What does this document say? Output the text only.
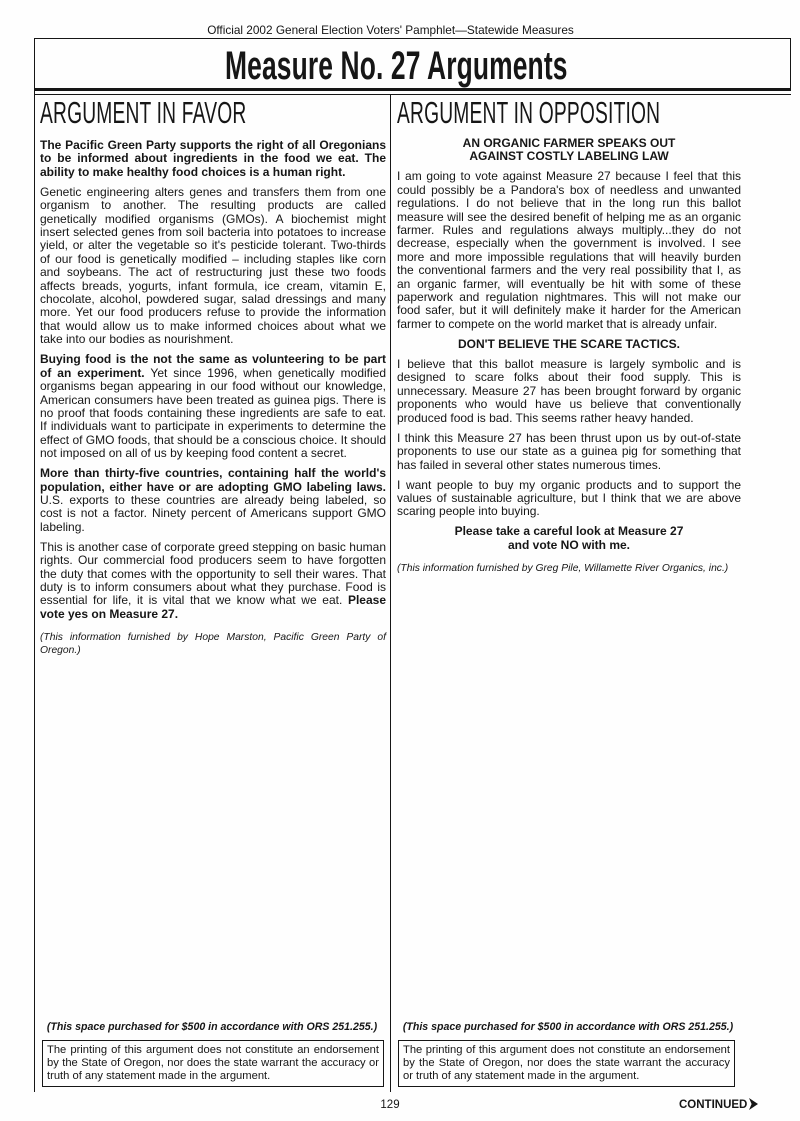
Official 2002 General Election Voters' Pamphlet—Statewide Measures
Measure No. 27 Arguments
ARGUMENT IN FAVOR

The Pacific Green Party supports the right of all Oregonians to be informed about ingredients in the food we eat. The ability to make healthy food choices is a human right.

Genetic engineering alters genes and transfers them from one organism to another. The resulting products are called genetically modified organisms (GMOs). A biochemist might insert selected genes from soil bacteria into potatoes to increase yield, or alter the vegetable so it's pesticide tolerant. Two-thirds of our food is genetically modified – including staples like corn and soybeans. The act of restructuring just these two foods affects breads, yogurts, infant formula, ice cream, vitamin E, chocolate, alcohol, powdered sugar, salad dressings and many more. Yet our food producers refuse to provide the information that would allow us to make informed choices about what we take into our bodies as nourishment.

Buying food is the not the same as volunteering to be part of an experiment. Yet since 1996, when genetically modified organisms began appearing in our food without our knowledge, American consumers have been treated as guinea pigs. There is no proof that foods containing these ingredients are safe to eat. If individuals want to participate in experiments to determine the effect of GMO foods, that should be a conscious choice. It should not imposed on all of us by keeping food content a secret.

More than thirty-five countries, containing half the world's population, either have or are adopting GMO labeling laws. U.S. exports to these countries are already being labeled, so cost is not a factor. Ninety percent of Americans support GMO labeling.

This is another case of corporate greed stepping on basic human rights. Our commercial food producers seem to have forgotten the duty that comes with the opportunity to sell their wares. That duty is to inform consumers about what they purchase. Food is essential for life, it is vital that we know what we eat. Please vote yes on Measure 27.

(This information furnished by Hope Marston, Pacific Green Party of Oregon.)

ARGUMENT IN OPPOSITION

AN ORGANIC FARMER SPEAKS OUT
AGAINST COSTLY LABELING LAW

I am going to vote against Measure 27 because I feel that this could possibly be a Pandora's box of needless and unwanted regulations. I do not believe that in the long run this ballot measure will see the desired benefit of helping me as an organic farmer. Rules and regulations always multiply...they do not decrease, especially when the government is involved. I see more and more impossible regulations that will heavily burden the conventional farmers and the very real possibility that I, as an organic farmer, will eventually be hit with some of these paperwork and regulation nightmares. This will not make our food safer, but it will definitely make it harder for the American farmer to compete on the world market that is already unfair.

DON'T BELIEVE THE SCARE TACTICS.

I believe that this ballot measure is largely symbolic and is designed to scare folks about their food supply. This is unnecessary. Measure 27 has been brought forward by organic proponents who would have us believe that conventionally produced food is bad. This seems rather heavy handed.

I think this Measure 27 has been thrust upon us by out-of-state proponents to use our state as a guinea pig for something that has failed in several other states numerous times.

I want people to buy my organic products and to support the values of sustainable agriculture, but I think that we are above scaring people into buying.

Please take a careful look at Measure 27
and vote NO with me.

(This information furnished by Greg Pile, Willamette River Organics, inc.)

(This space purchased for $500 in accordance with ORS 251.255.)
The printing of this argument does not constitute an endorsement by the State of Oregon, nor does the state warrant the accuracy or truth of any statement made in the argument.
(This space purchased for $500 in accordance with ORS 251.255.)
The printing of this argument does not constitute an endorsement by the State of Oregon, nor does the state warrant the accuracy or truth of any statement made in the argument.
129	CONTINUED
